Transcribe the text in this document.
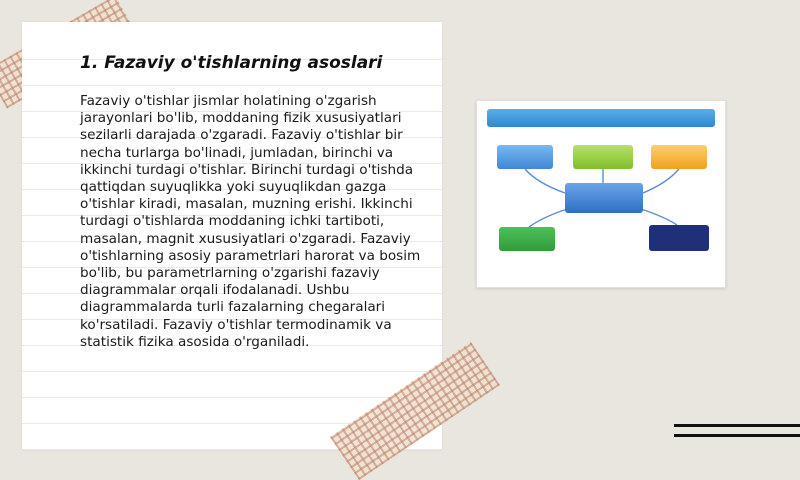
1. Fazaviy o'tishlarning asoslari

Fazaviy o'tishlar jismlar holatining o'zgarish jarayonlari bo'lib, moddaning fizik xususiyatlari sezilarli darajada o'zgaradi. Fazaviy o'tishlar bir necha turlarga bo'linadi, jumladan, birinchi va ikkinchi turdagi o'tishlar. Birinchi turdagi o'tishda qattiqdan suyuqlikka yoki suyuqlikdan gazga o'tishlar kiradi, masalan, muzning erishi. Ikkinchi turdagi o'tishlarda moddaning ichki tartiboti, masalan, magnit xususiyatlari o'zgaradi. Fazaviy o'tishlarning asosiy parametrlari harorat va bosim bo'lib, bu parametrlarning o'zgarishi fazaviy diagrammalar orqali ifodalanadi. Ushbu diagrammalarda turli fazalarning chegaralari ko'rsatiladi. Fazaviy o'tishlar termodinamik va statistik fizika asosida o'rganiladi.
